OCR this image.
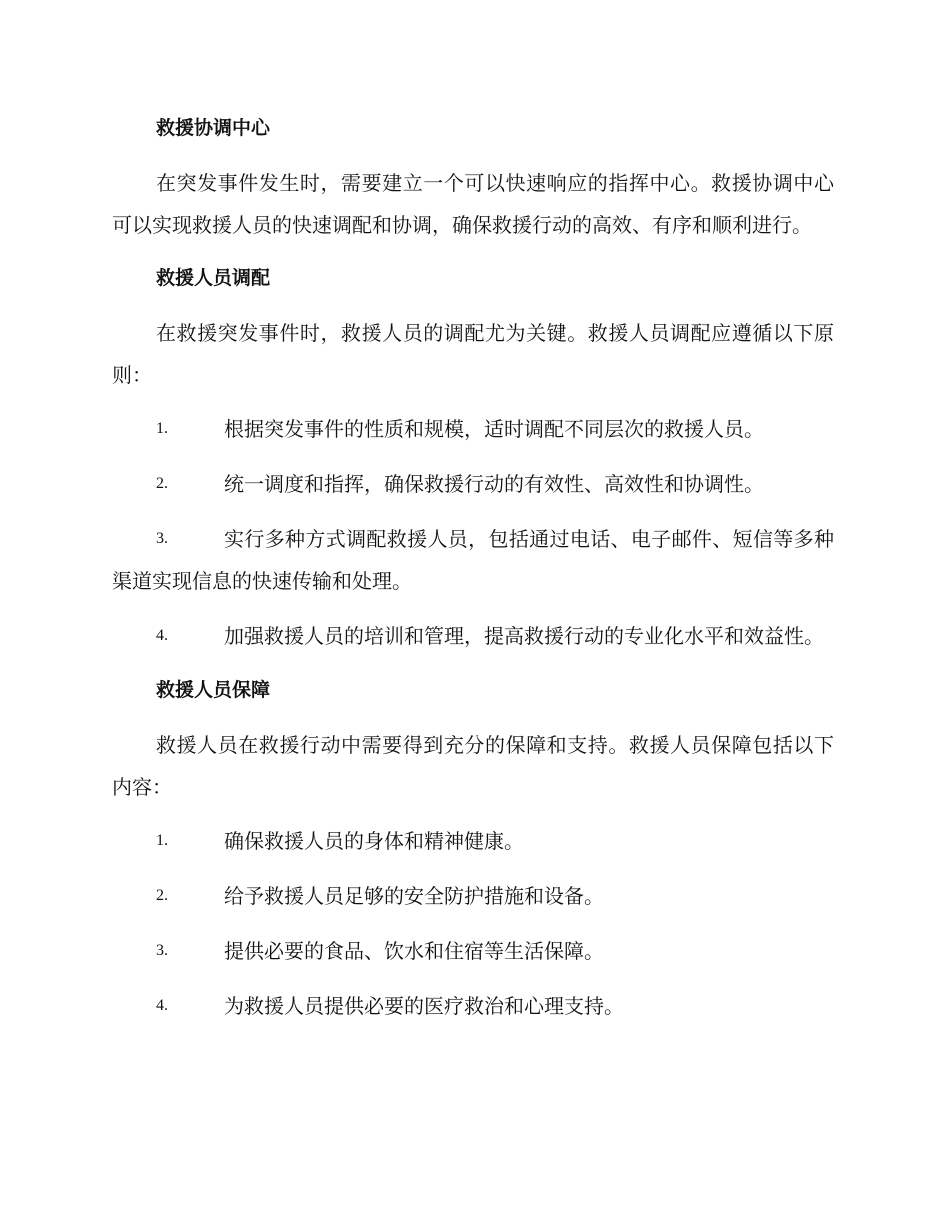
救援协调中心

在突发事件发生时，需要建立一个可以快速响应的指挥中心。救援协调中心可以实现救援人员的快速调配和协调，确保救援行动的高效、有序和顺利进行。

救援人员调配

在救援突发事件时，救援人员的调配尤为关键。救援人员调配应遵循以下原则：

1.	根据突发事件的性质和规模，适时调配不同层次的救援人员。
2.	统一调度和指挥，确保救援行动的有效性、高效性和协调性。
3.	实行多种方式调配救援人员，包括通过电话、电子邮件、短信等多种渠道实现信息的快速传输和处理。
4.	加强救援人员的培训和管理，提高救援行动的专业化水平和效益性。
救援人员保障

救援人员在救援行动中需要得到充分的保障和支持。救援人员保障包括以下内容：

1.	确保救援人员的身体和精神健康。
2.	给予救援人员足够的安全防护措施和设备。
3.	提供必要的食品、饮水和住宿等生活保障。
4.	为救援人员提供必要的医疗救治和心理支持。
